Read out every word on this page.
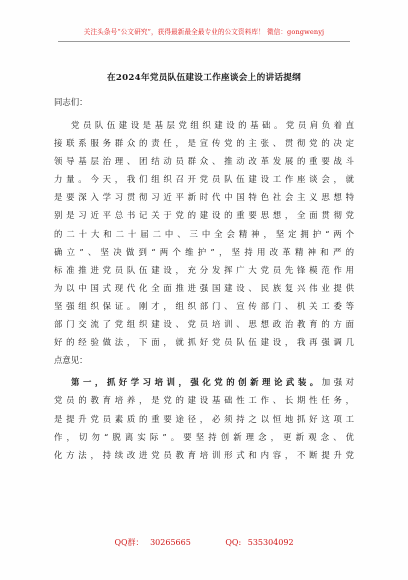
关注头条号“公文研究”，获得最新最全最专业的公文资料库！ 微信：gongwenyj
在2024年党员队伍建设工作座谈会上的讲话提纲
同志们：
党员队伍建设是基层党组织建设的基础。党员肩负着直
接联系服务群众的责任，是宣传党的主张、贯彻党的决定
领导基层治理、团结动员群众、推动改革发展的重要战斗
力量。今天，我们组织召开党员队伍建设工作座谈会，就
是要深入学习贯彻习近平新时代中国特色社会主义思想特
别是习近平总书记关于党的建设的重要思想，全面贯彻党
的二十大和二十届二中、三中全会精神，坚定拥护“两个
确立”、坚决做到“两个维护”，坚持用改革精神和严的
标准推进党员队伍建设，充分发挥广大党员先锋模范作用
为以中国式现代化全面推进强国建设、民族复兴伟业提供
坚强组织保证。刚才，组织部门、宣传部门、机关工委等
部门交流了党组织建设、党员培训、思想政治教育的方面
好的经验做法，下面，就抓好党员队伍建设，我再强调几
点意见：
第一，抓好学习培训，强化党的创新理论武装。加强对
党员的教育培养，是党的建设基础性工作、长期性任务，
是提升党员素质的重要途径，必须持之以恒地抓好这项工
作，切勿“脱离实际”。要坚持创新理念，更新观念、优
化方法，持续改进党员教育培训形式和内容，不断提升党
QQ群： 30265665	QQ: 535304092
